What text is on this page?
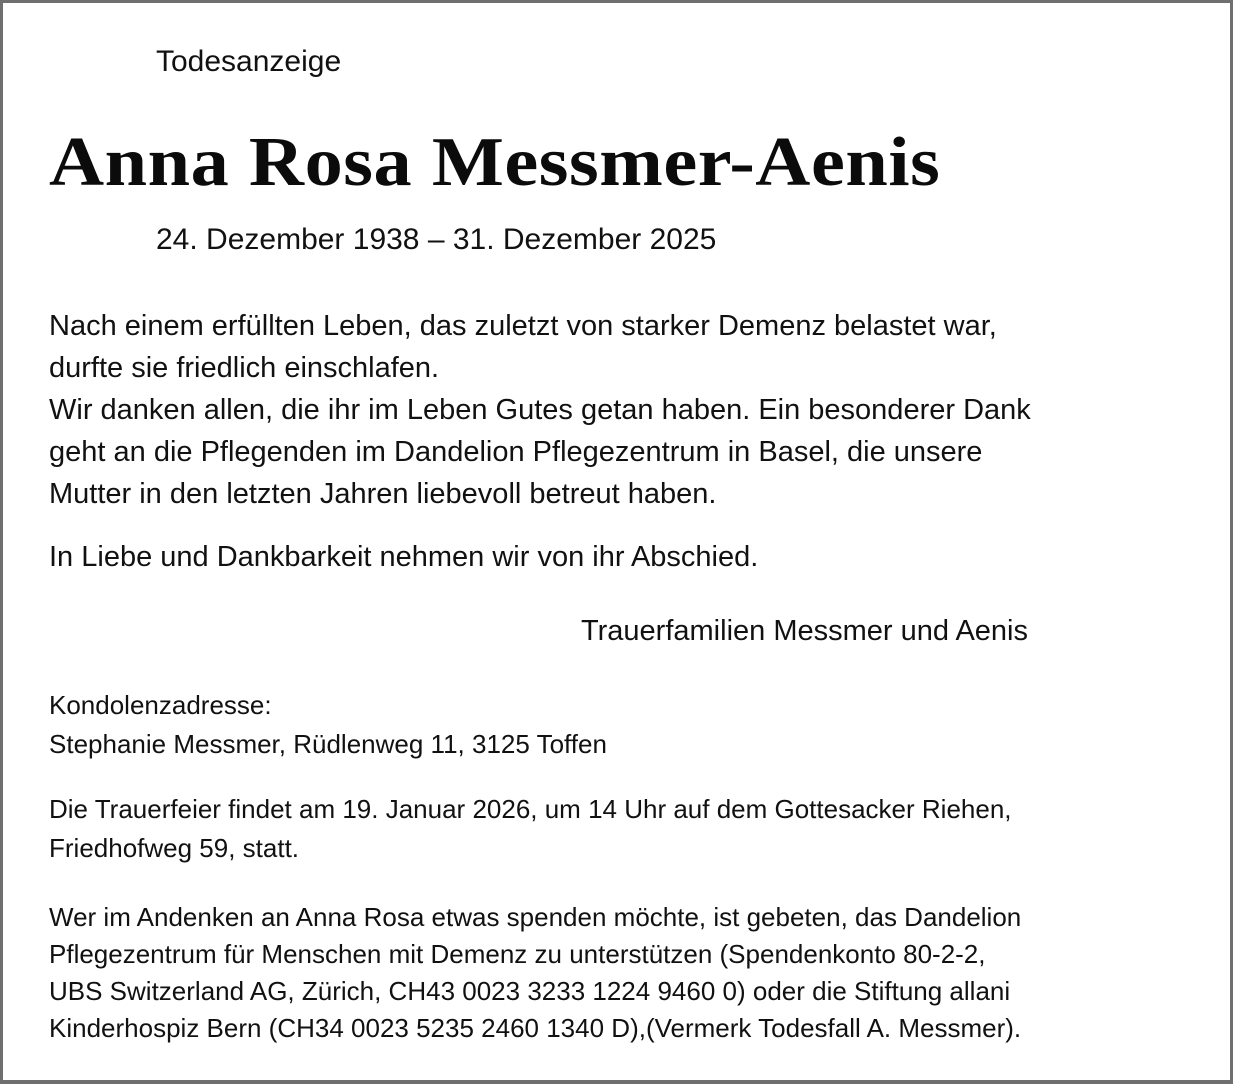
Todesanzeige
Anna Rosa Messmer-Aenis
24. Dezember 1938 – 31. Dezember 2025
Nach einem erfüllten Leben, das zuletzt von starker Demenz belastet war,
durfte sie friedlich einschlafen.
Wir danken allen, die ihr im Leben Gutes getan haben. Ein besonderer Dank
geht an die Pflegenden im Dandelion Pflegezentrum in Basel, die unsere
Mutter in den letzten Jahren liebevoll betreut haben.
In Liebe und Dankbarkeit nehmen wir von ihr Abschied.
Trauerfamilien Messmer und Aenis
Kondolenzadresse:
Stephanie Messmer, Rüdlenweg 11, 3125 Toffen
Die Trauerfeier findet am 19. Januar 2026, um 14 Uhr auf dem Gottesacker Riehen,
Friedhofweg 59, statt.
Wer im Andenken an Anna Rosa etwas spenden möchte, ist gebeten, das Dandelion
Pflegezentrum für Menschen mit Demenz zu unterstützen (Spendenkonto 80-2-2,
UBS Switzerland AG, Zürich, CH43 0023 3233 1224 9460 0) oder die Stiftung allani
Kinderhospiz Bern (CH34 0023 5235 2460 1340 D),(Vermerk Todesfall A. Messmer).
